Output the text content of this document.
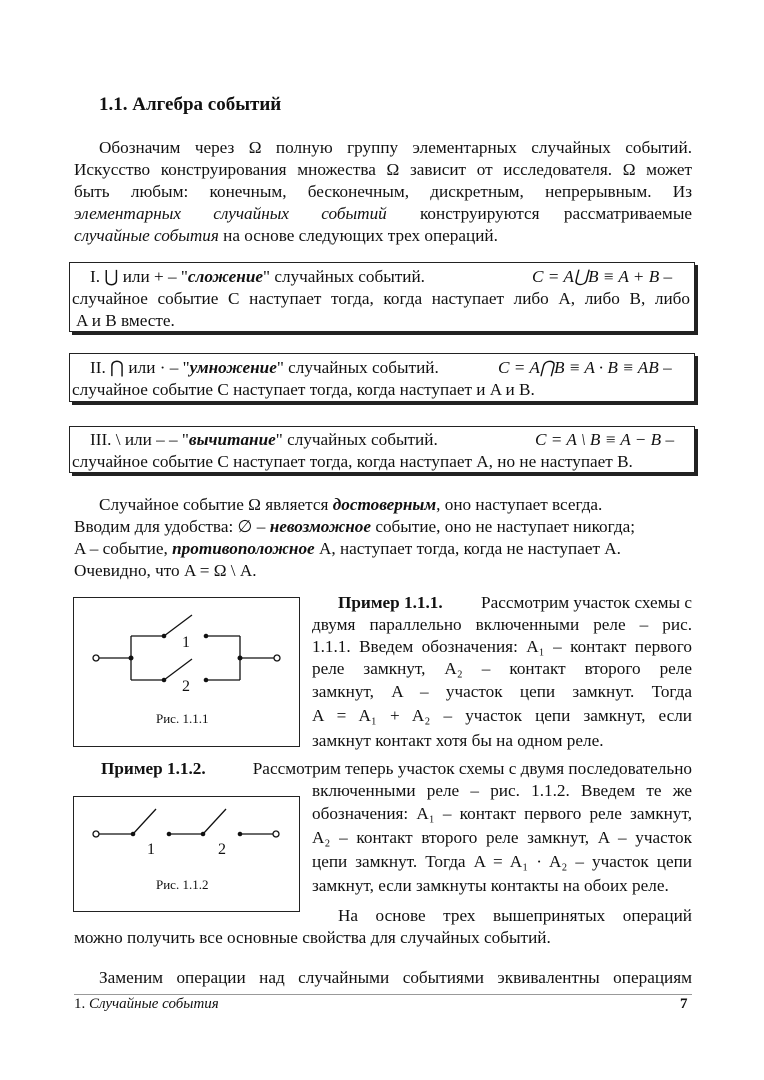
1.1. Алгебра событий
Обозначим через Ω полную группу элементарных случайных событий.
Искусство конструирования множества Ω зависит от исследователя. Ω может
быть любым: конечным, бесконечным, дискретным, непрерывным. Из
элементарных случайных событий конструируются рассматриваемые
случайные события на основе следующих трех операций.
I. ⋃ или + – "сложение" случайных событий.	C = A⋃B ≡ A + B –
случайное событие C наступает тогда, когда наступает либо A, либо B, либо
A и B вместе.
II. ⋂ или · – "умножение" случайных событий.	C = A⋂B ≡ A · B ≡ AB –
случайное событие C наступает тогда, когда наступает и A и B.
III. \ или – – "вычитание" случайных событий.	C = A \ B ≡ A − B –
случайное событие C наступает тогда, когда наступает A, но не наступает B.
Случайное событие Ω является достоверным, оно наступает всегда.
Вводим для удобства: ∅ – невозможное событие, оно не наступает никогда;
A – событие, противоположное A, наступает тогда, когда не наступает A.
Очевидно, что A = Ω \ A.
1
2
Рис. 1.1.1
Пример 1.1.1. Рассмотрим участок схемы с
двумя параллельно включенными реле – рис.
1.1.1. Введем обозначения: A₁ – контакт первого
реле замкнут, A₂ – контакт второго реле
замкнут, A – участок цепи замкнут. Тогда
A = A₁ + A₂ – участок цепи замкнут, если
замкнут контакт хотя бы на одном реле.
Пример 1.1.2.	Рассмотрим теперь участок схемы с двумя последовательно
включенными реле – рис. 1.1.2. Введем те же
обозначения: A₁ – контакт первого реле замкнут,
A₂ – контакт второго реле замкнут, A – участок
цепи замкнут. Тогда A = A₁ · A₂ – участок цепи
замкнут, если замкнуты контакты на обоих реле.
1	2
Рис. 1.1.2
На основе трех вышепринятых операций
можно получить все основные свойства для случайных событий.
Заменим операции над случайными событиями эквивалентны операциям
1. Случайные события	7
